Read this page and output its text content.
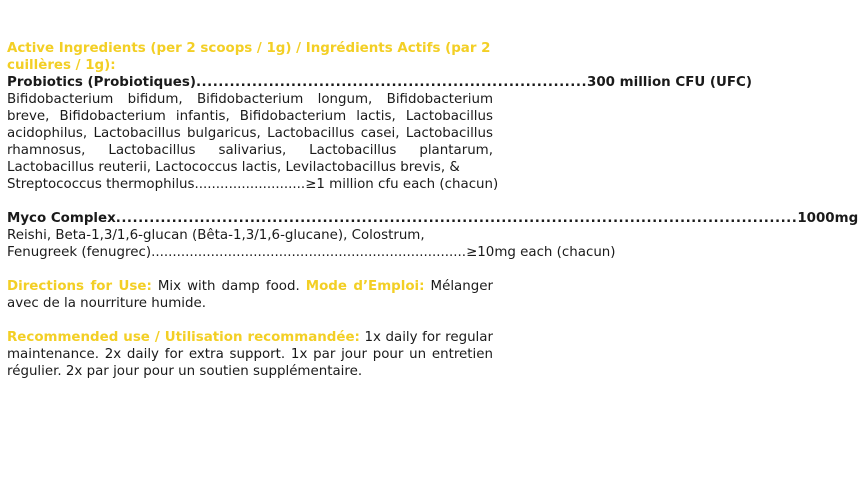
Active Ingredients (per 2 scoops / 1g) / Ingrédients Actifs (par 2 cuillères / 1g):

Probiotics (Probiotiques) ...................................................................... 300 million CFU (UFC)

Bifidobacterium bifidum, Bifidobacterium longum, Bifidobacterium breve, Bifidobacterium infantis, Bifidobacterium lactis, Lactobacillus acidophilus, Lactobacillus bulgaricus, Lactobacillus casei, Lactobacillus rhamnosus, Lactobacillus salivarius, Lactobacillus plantarum, Lactobacillus reuterii, Lactococcus lactis, Levilactobacillus brevis, &

Streptococcus thermophilus .......................... ≥1 million cfu each (chacun)
Myco Complex .......................................................................................................................... 1000mg

Reishi, Beta-1,3/1,6-glucan (Bêta-1,3/1,6-glucane), Colostrum,

Fenugreek (fenugrec) .......................................................................... ≥10mg each (chacun)

Directions for Use: Mix with damp food. Mode d’Emploi: Mélanger avec de la nourriture humide.

Recommended use / Utilisation recommandée: 1x daily for regular maintenance. 2x daily for extra support. 1x par jour pour un entretien régulier. 2x par jour pour un soutien supplémentaire.
